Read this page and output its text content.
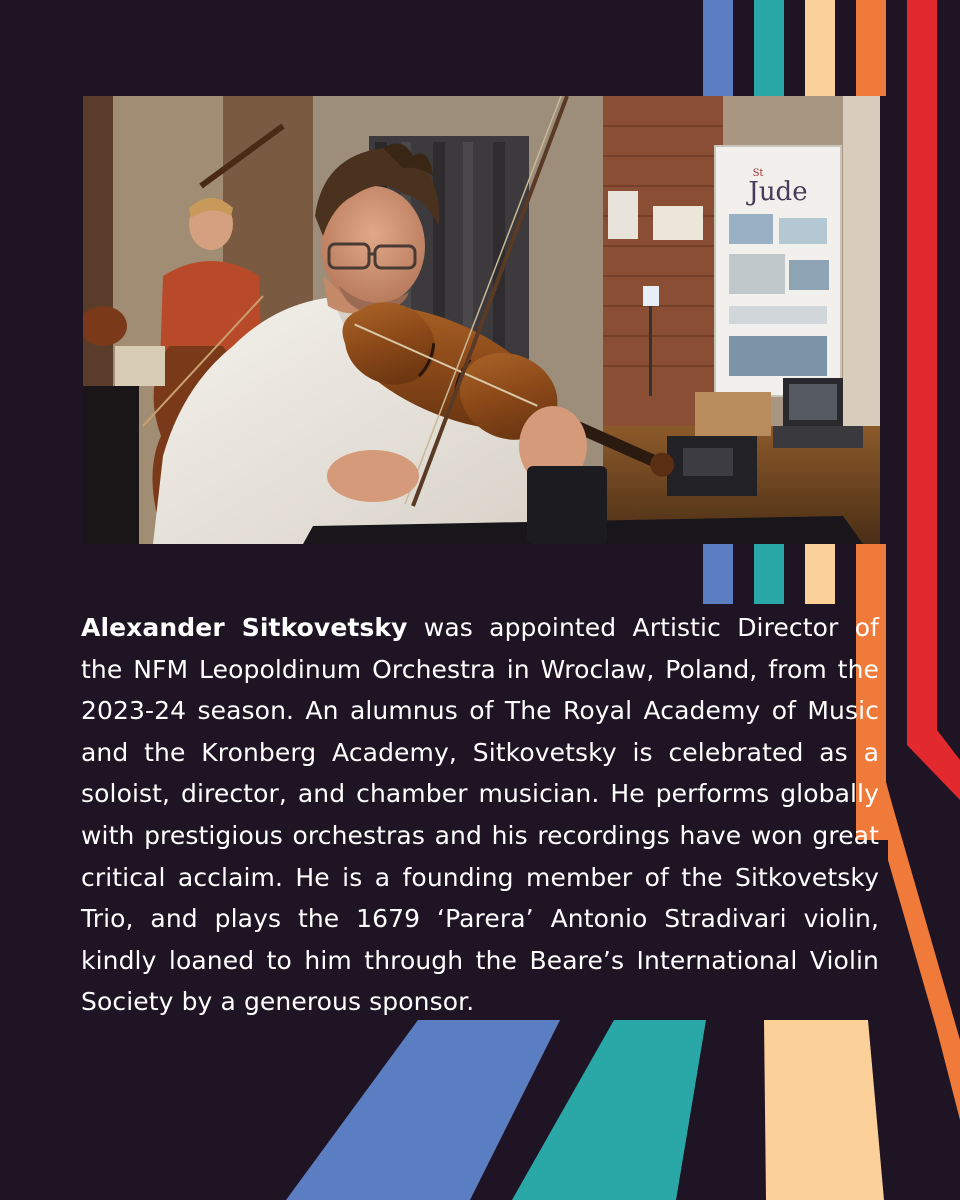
Jude
St

Alexander Sitkovetsky was appointed Artistic Director of the NFM Leopoldinum Orchestra in Wroclaw, Poland, from the 2023-24 season. An alumnus of The Royal Academy of Music and the Kronberg Academy, Sitkovetsky is celebrated as a soloist, director, and chamber musician. He performs globally with prestigious orchestras and his recordings have won great critical acclaim. He is a founding member of the Sitkovetsky Trio, and plays the 1679 ‘Parera’ Antonio Stradivari violin, kindly loaned to him through the Beare’s International Violin Society by a generous sponsor.
